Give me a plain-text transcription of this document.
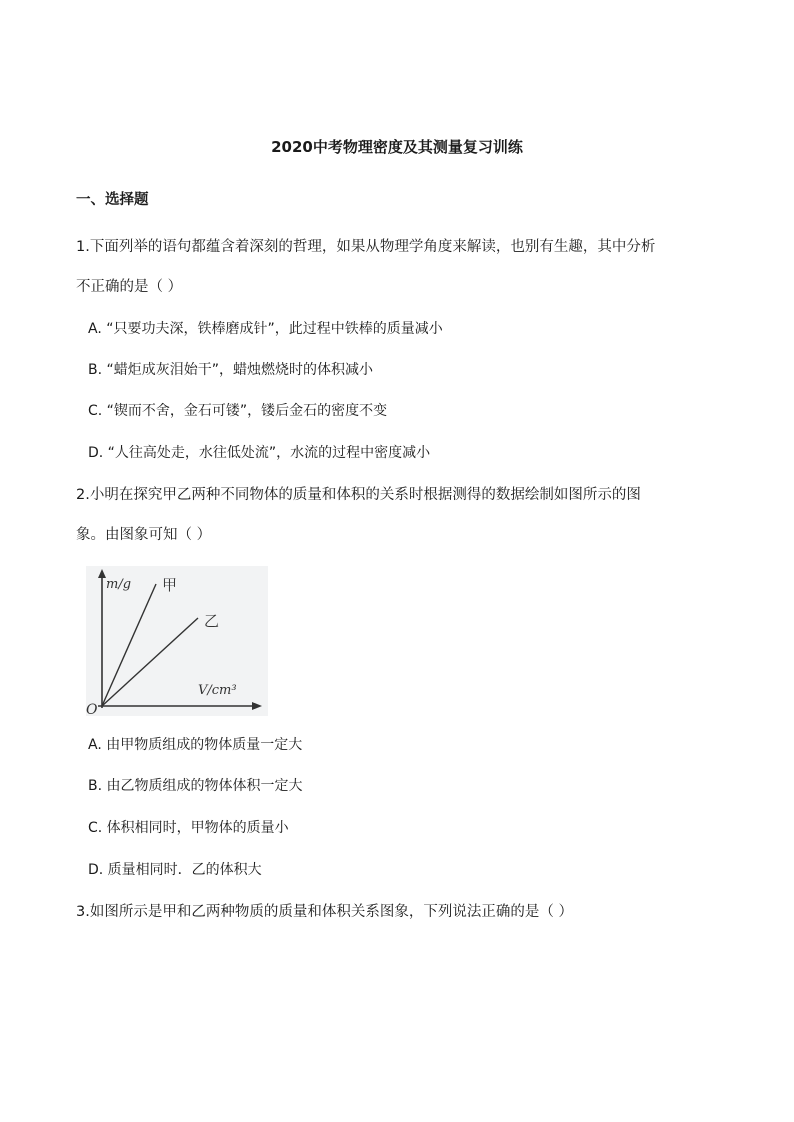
2020中考物理密度及其测量复习训练
一、选择题
1.下面列举的语句都蕴含着深刻的哲理，如果从物理学角度来解读，也别有生趣，其中分析
不正确的是（ ）
A. “只要功夫深，铁棒磨成针”，此过程中铁棒的质量减小
B. “蜡炬成灰泪始干”，蜡烛燃烧时的体积减小
C. “锲而不舍，金石可镂”，镂后金石的密度不变
D. “人往高处走，水往低处流”，水流的过程中密度减小
2.小明在探究甲乙两种不同物体的质量和体积的关系时根据测得的数据绘制如图所示的图
象。由图象可知（ ）
m/g 甲
乙
V/cm³
O
A. 由甲物质组成的物体质量一定大
B. 由乙物质组成的物体体积一定大
C. 体积相同时，甲物体的质量小
D. 质量相同时．乙的体积大
3.如图所示是甲和乙两种物质的质量和体积关系图象，下列说法正确的是（ ）
